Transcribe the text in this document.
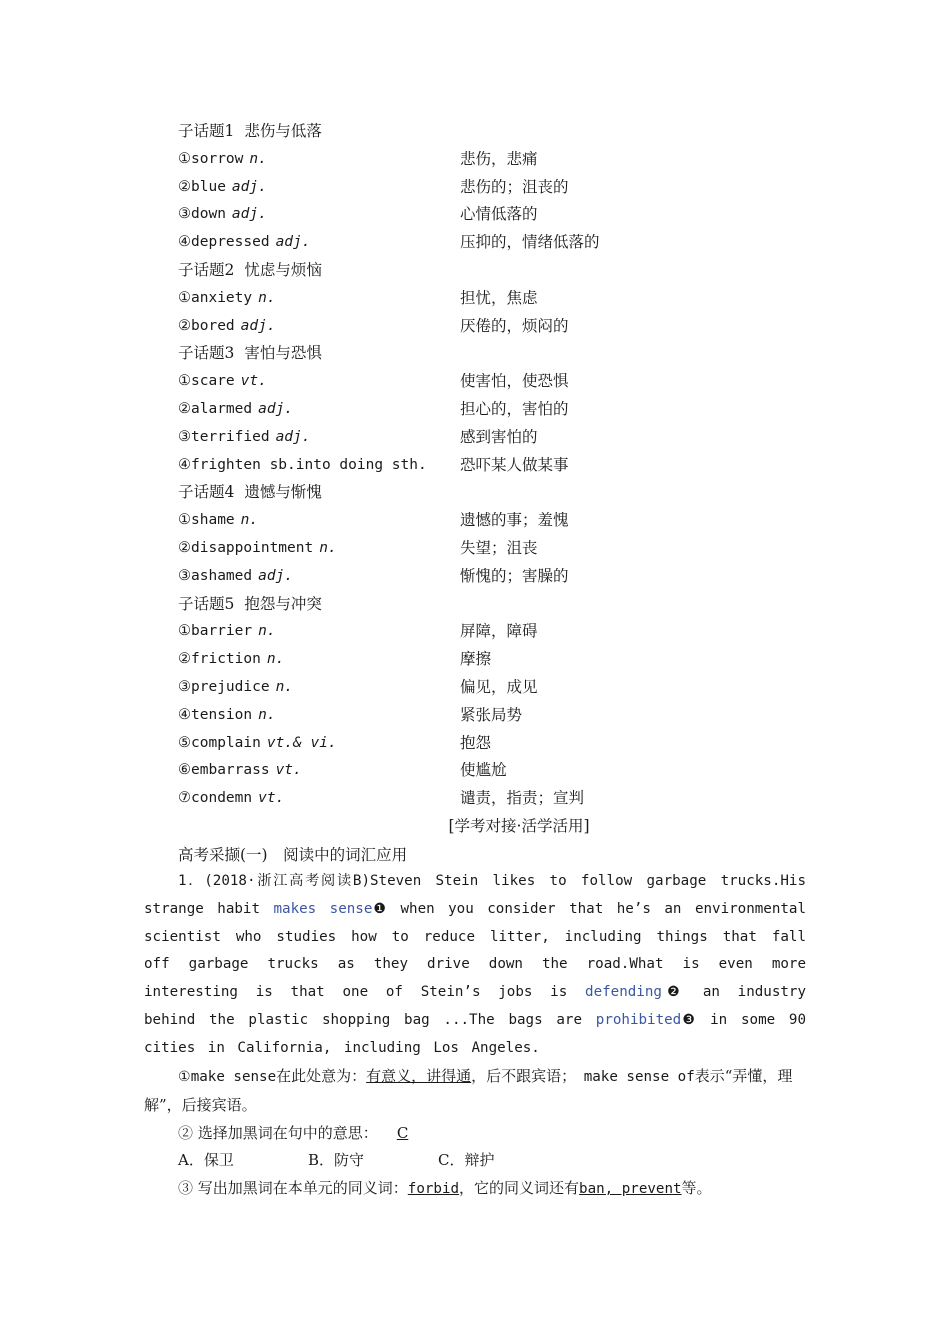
子话题1 悲伤与低落
①sorrow n.	悲伤，悲痛
②blue adj.	悲伤的；沮丧的
③down adj.	心情低落的
④depressed adj.	压抑的，情绪低落的
子话题2 忧虑与烦恼
①anxiety n.	担忧，焦虑
②bored adj.	厌倦的，烦闷的
子话题3 害怕与恐惧
①scare vt.	使害怕，使恐惧
②alarmed adj.	担心的，害怕的
③terrified adj.	感到害怕的
④frighten sb.into doing sth. 恐吓某人做某事
子话题4 遗憾与惭愧
①shame n.	遗憾的事；羞愧
②disappointment n.	失望；沮丧
③ashamed adj.	惭愧的；害臊的
子话题5 抱怨与冲突
①barrier n.	屏障，障碍
②friction n.	摩擦
③prejudice n.	偏见，成见
④tension n.	紧张局势
⑤complain vt.& vi.	抱怨
⑥embarrass vt.	使尴尬
⑦condemn vt.	谴责，指责；宣判
[学考对接·活学活用]
高考采撷(一)　阅读中的词汇应用
1．(2018·浙江高考阅读B)Steven Stein likes to follow garbage trucks.His strange habit makes sense❶ when you consider that he’s an environmental scientist who studies how to reduce litter, including things that fall off garbage trucks as they drive down the road.What is even more interesting is that one of Stein’s jobs is defending❷ an industry behind the plastic shopping bag ...The bags are prohibited❸ in some 90 cities in California, including Los Angeles.
①make sense在此处意为：有意义，讲得通，后不跟宾语；　 make sense of表示“弄懂，理解”，后接宾语。
② 选择加黑词在句中的意思： C
A．保卫	B．防守	C．辩护
③ 写出加黑词在本单元的同义词：forbid，它的同义词还有ban, prevent等。
